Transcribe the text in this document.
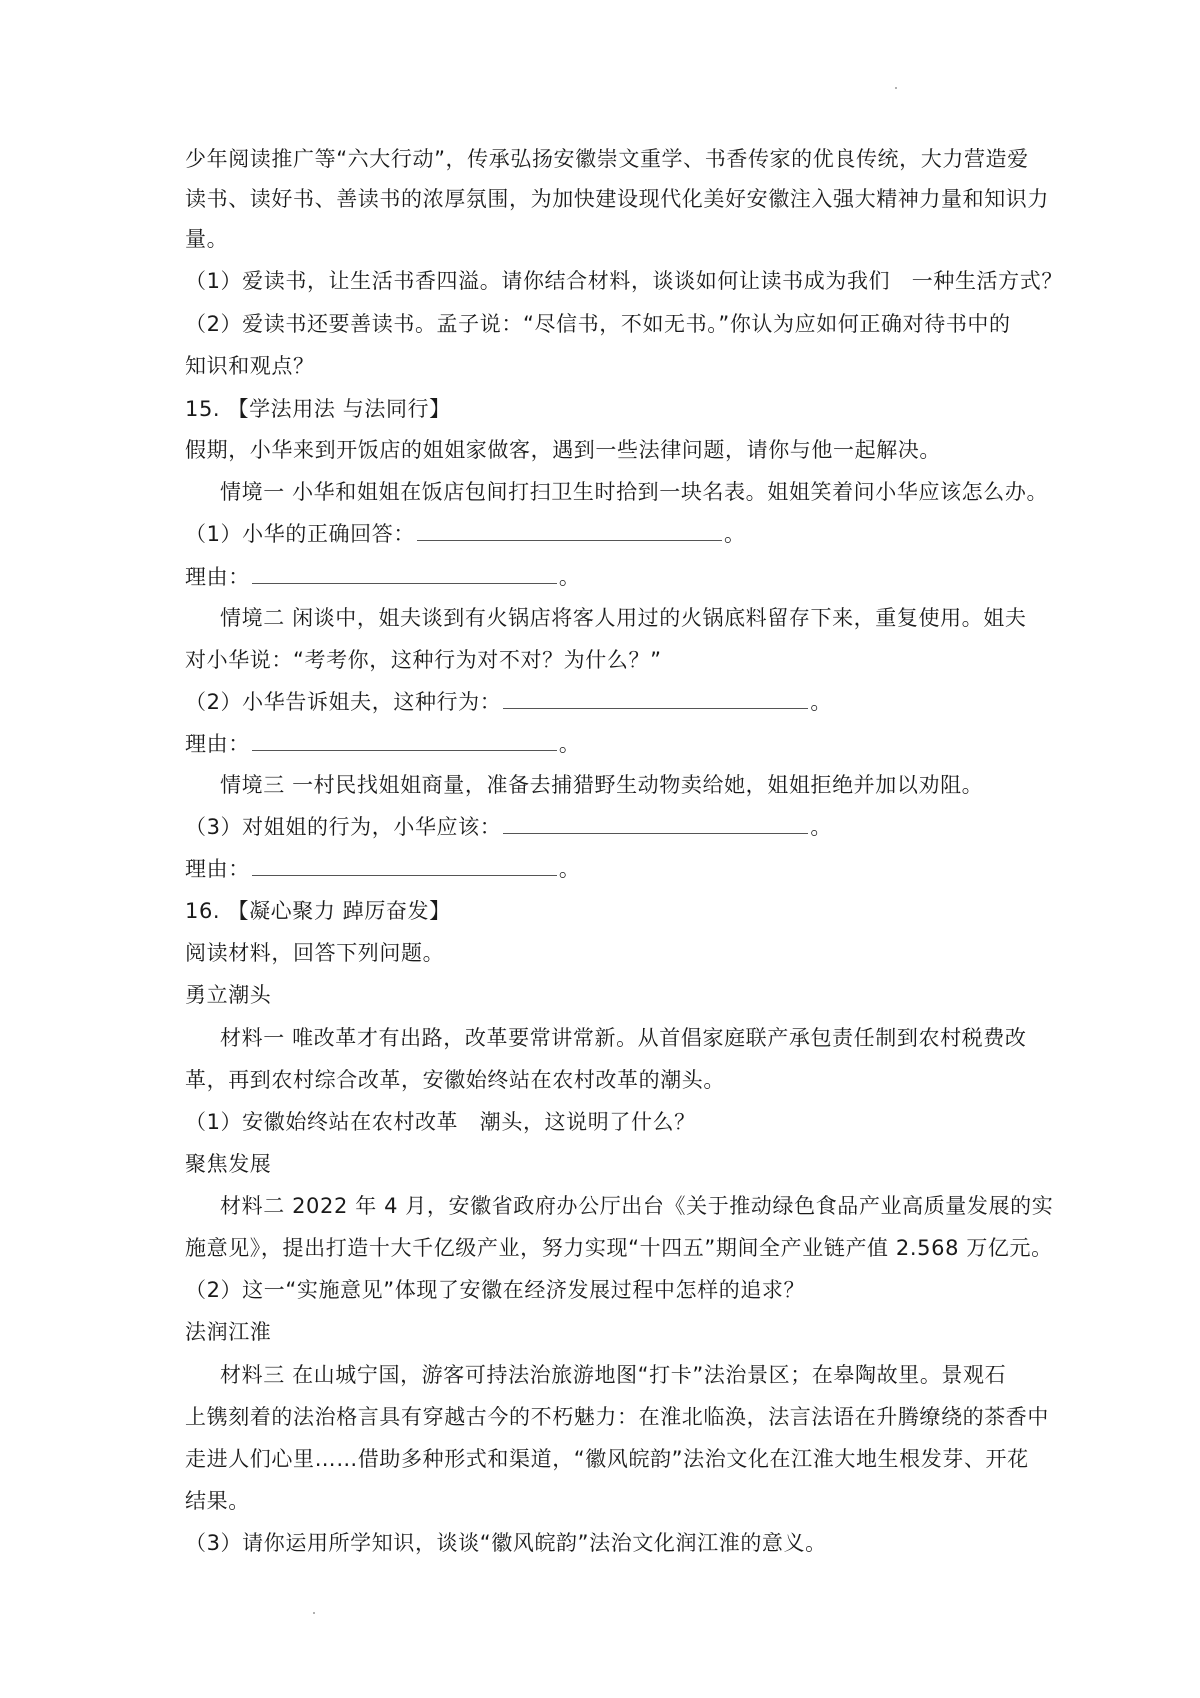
少年阅读推广等“六大行动”，传承弘扬安徽崇文重学、书香传家的优良传统，大力营造爱
读书、读好书、善读书的浓厚氛围，为加快建设现代化美好安徽注入强大精神力量和知识力
量。
（1）爱读书，让生活书香四溢。请你结合材料，谈谈如何让读书成为我们　一种生活方式？
（2）爱读书还要善读书。孟子说：“尽信书，不如无书。”你认为应如何正确对待书中的
知识和观点？
15. 【学法用法 与法同行】
假期，小华来到开饭店的姐姐家做客，遇到一些法律问题，请你与他一起解决。
情境一 小华和姐姐在饭店包间打扫卫生时拾到一块名表。姐姐笑着问小华应该怎么办。
（1）小华的正确回答：	。
理由：	。
情境二 闲谈中，姐夫谈到有火锅店将客人用过的火锅底料留存下来，重复使用。姐夫
对小华说：“考考你，这种行为对不对？为什么？”
（2）小华告诉姐夫，这种行为：	。
理由：	。
情境三 一村民找姐姐商量，准备去捕猎野生动物卖给她，姐姐拒绝并加以劝阻。
（3）对姐姐的行为，小华应该：	。
理由：	。
16. 【凝心聚力 踔厉奋发】
阅读材料，回答下列问题。
勇立潮头
材料一 唯改革才有出路，改革要常讲常新。从首倡家庭联产承包责任制到农村税费改
革，再到农村综合改革，安徽始终站在农村改革的潮头。
（1）安徽始终站在农村改革　潮头，这说明了什么？
聚焦发展
材料二 2022 年 4 月，安徽省政府办公厅出台《关于推动绿色食品产业高质量发展的实
施意见》，提出打造十大千亿级产业，努力实现“十四五”期间全产业链产值 2.568 万亿元。
（2）这一“实施意见”体现了安徽在经济发展过程中怎样的追求？
法润江淮
材料三 在山城宁国，游客可持法治旅游地图“打卡”法治景区；在皋陶故里。景观石
上镌刻着的法治格言具有穿越古今的不朽魅力：在淮北临涣，法言法语在升腾缭绕的茶香中
走进人们心里……借助多种形式和渠道，“徽风皖韵”法治文化在江淮大地生根发芽、开花
结果。
（3）请你运用所学知识，谈谈“徽风皖韵”法治文化润江淮的意义。
